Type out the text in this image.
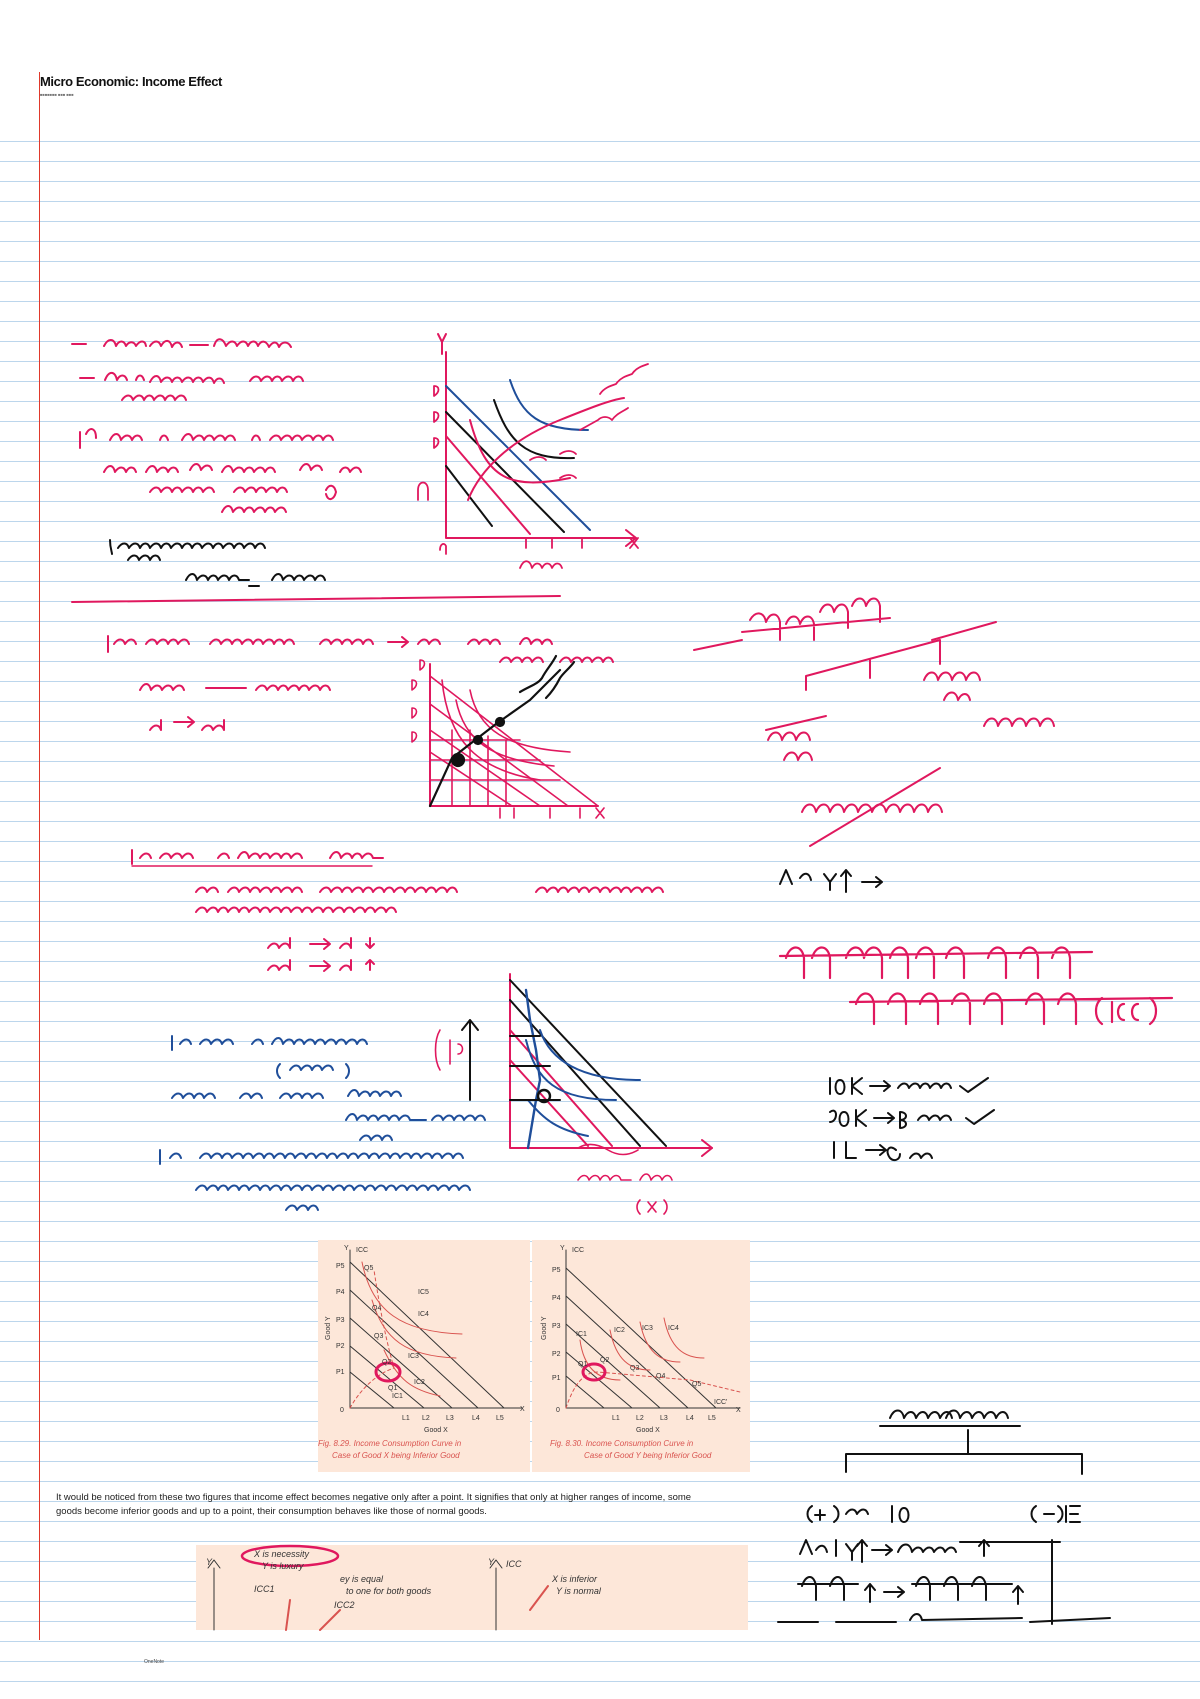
Micro Economic: Income Effect
■■■■■■■ ■■■ ■■■
Y ICC
P5
P4
P3
P2
P1
0	X
Q5
Q4
Q3
Q2
Q1
IC5
IC4
IC3
IC2
IC1
L1 L2 L3	L4 L5
Good X
Good Y
Y ICC
P5
P4
P3
P2
P1
0	X
Q1
Q2
Q3
Q4
Q5
IC1
IC2 IC3 IC4
ICC'
L1 L2 L3	L4 L5
Good X
Good Y
Fig. 8.29. Income Consumption Curve in
Case of Good X being Inferior Good
Fig. 8.30. Income Consumption Curve in
Case of Good Y being Inferior Good
Y
X is necessity
Y is luxury
ICC1
ey is equal
to one for both goods
ICC2
Y ICC
X is inferior
Y is normal
It would be noticed from these two figures that income effect becomes negative only after a point. It signifies that only at higher ranges of income, some goods become inferior goods and up to a point, their consumption behaves like those of normal goods.
OneNote
